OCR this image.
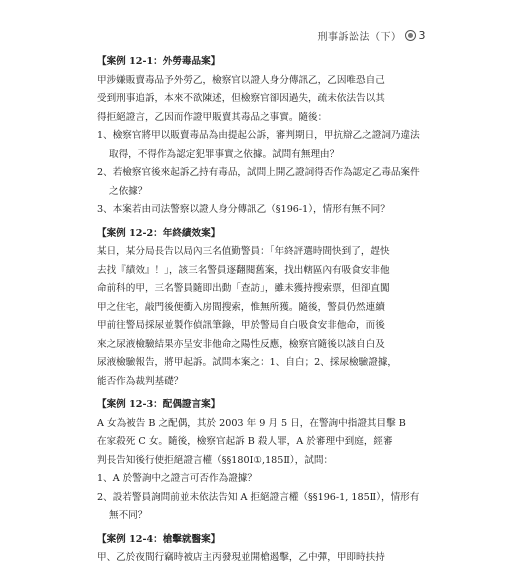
刑事訴訟法（下） 3
【案例 12-1：外勞毒品案】
甲涉嫌販賣毒品予外勞乙，檢察官以證人身分傳訊乙，乙因唯恐自己
受到刑事追訴，本來不欲陳述，但檢察官卻因過失，疏未依法告以其
得拒絕證言，乙因而作證甲販賣其毒品之事實。隨後：
1、檢察官將甲以販賣毒品為由提起公訴，審判期日，甲抗辯乙之證詞乃違法取得，不得作為認定犯罪事實之依據。試問有無理由？
2、若檢察官後來起訴乙持有毒品，試問上開乙證詞得否作為認定乙毒品案件之依據？
3、本案若由司法警察以證人身分傳訊乙（§196-1），情形有無不同？
【案例 12-2：年終績效案】
某日，某分局長告以局內三名值勤警員：「年終評選時間快到了，趕快
去找『績效』！」，該三名警員逐翻閱舊案，找出轄區內有吸食安非他
命前科的甲，三名警員隨即出動「查訪」，雖未獲持搜索票，但卻直闖
甲之住宅，敲門後便衝入房間搜索，惟無所獲。隨後，警員仍然連續
甲前往警局採尿並製作偵訊筆錄，甲於警局自白吸食安非他命，而後
來之尿液檢驗結果亦呈安非他命之陽性反應，檢察官隨後以該自白及
尿液檢驗報告，將甲起訴。試問本案之：1、自白；2、採尿檢驗證據，
能否作為裁判基礎？
【案例 12-3：配偶證言案】
A 女為被告 B 之配偶，其於 2003 年 9 月 5 日，在警詢中指證其目擊 B
在家殺死 C 女。隨後，檢察官起訴 B 殺人罪，A 於審理中到庭，經審
判長告知後行使拒絕證言權（§§180Ⅰ①,185Ⅱ），試問：
1、A 於警詢中之證言可否作為證據？
2、設若警員詢問前並未依法告知 A 拒絕證言權（§§196-1, 185Ⅱ），情形有無不同？
【案例 12-4：槍擊就醫案】
甲、乙於夜間行竊時被店主丙發現並開槍遏擊，乙中彈，甲即時扶持
